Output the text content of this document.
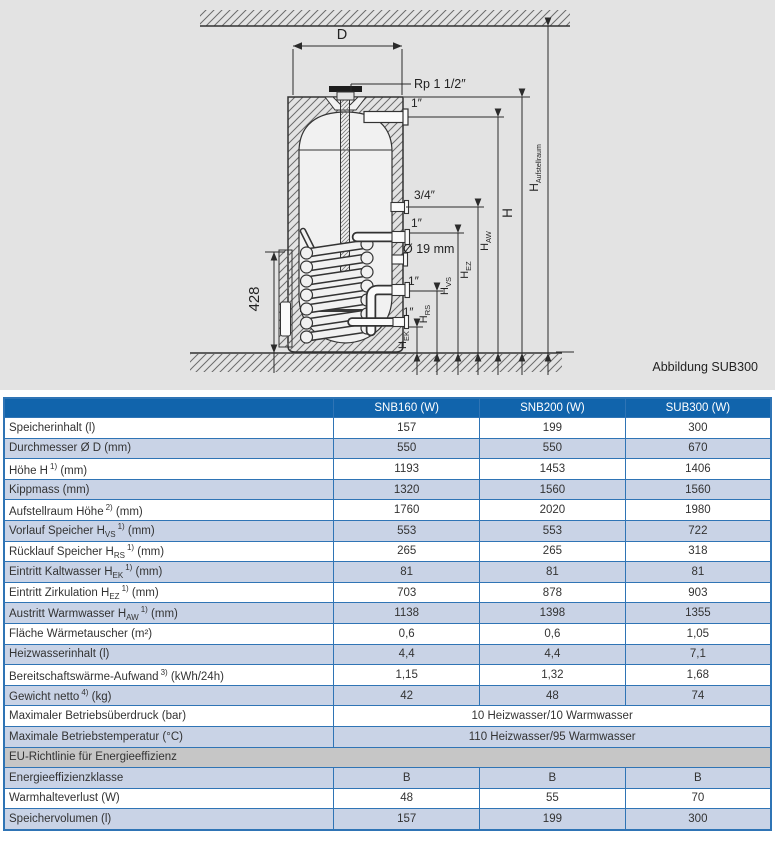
D
Rp 1 1/2″
1″
3/4″
1″
Ø 19 mm
1″
1″
428
HEK
HRS
HVS
HEZ
HAW
H
HAufstellraum
Abbildung SUB300
	SNB160 (W)	SNB200 (W)	SUB300 (W)
Speicherinhalt (l)	157	199	300
Durchmesser Ø D (mm)	550	550	670
Höhe H $^{1)}$ (mm)	1193	1453	1406
Kippmass (mm)	1320	1560	1560
Aufstellraum Höhe $^{2)}$ (mm)	1760	2020	1980
Vorlauf Speicher $H_{VS}^{1)}$ (mm)	553	553	722
Rücklauf Speicher $H_{RS}^{1)}$ (mm)	265	265	318
Eintritt Kaltwasser $H_{EK}^{1)}$ (mm)	81	81	81
Eintritt Zirkulation $H_{EZ}^{1)}$ (mm)	703	878	903
Austritt Warmwasser $H_{AW}^{1)}$ (mm)	1138	1398	1355
Fläche Wärmetauscher (m²)	0,6	0,6	1,05
Heizwasserinhalt (l)	4,4	4,4	7,1
Bereitschaftswärme-Aufwand $^{3)}$ (kWh/24h)	1,15	1,32	1,68
Gewicht netto $^{4)}$ (kg)	42	48	74
Maximaler Betriebsüberdruck (bar)	10 Heizwasser/10 Warmwasser		
Maximale Betriebstemperatur (°C)	110 Heizwasser/95 Warmwasser		
EU-Richtlinie für Energieeffizienz			
Energieeffizienzklasse	B	B	B
Warmhalteverlust (W)	48	55	70
Speichervolumen (l)	157	199	300
